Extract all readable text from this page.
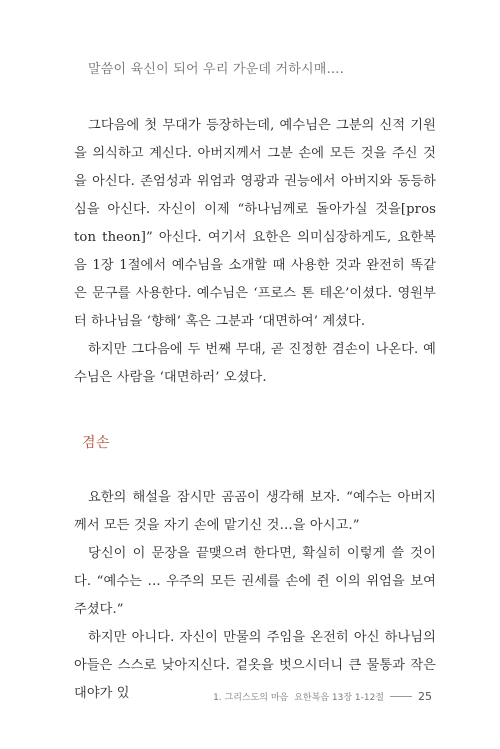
말씀이 육신이 되어 우리 가운데 거하시매….

그다음에 첫 무대가 등장하는데, 예수님은 그분의 신적 기원을 의식하고 계신다. 아버지께서 그분 손에 모든 것을 주신 것을 아신다. 존엄성과 위엄과 영광과 권능에서 아버지와 동등하심을 아신다. 자신이 이제 “하나님께로 돌아가실 것을[pros ton theon]” 아신다. 여기서 요한은 의미심장하게도, 요한복음 1장 1절에서 예수님을 소개할 때 사용한 것과 완전히 똑같은 문구를 사용한다. 예수님은 ‘프로스 톤 테온’이셨다. 영원부터 하나님을 ‘향해’ 혹은 그분과 ‘대면하여’ 계셨다.

하지만 그다음에 두 번째 무대, 곧 진정한 겸손이 나온다. 예수님은 사람을 ‘대면하러’ 오셨다.

겸손

요한의 해설을 잠시만 곰곰이 생각해 보자. “예수는 아버지께서 모든 것을 자기 손에 맡기신 것…을 아시고.”

당신이 이 문장을 끝맺으려 한다면, 확실히 이렇게 쓸 것이다. “예수는 … 우주의 모든 권세를 손에 쥔 이의 위엄을 보여 주셨다.”

하지만 아니다. 자신이 만물의 주임을 온전히 아신 하나님의 아들은 스스로 낮아지신다. 겉옷을 벗으시더니 큰 물통과 작은 대야가 있	1. 그리스도의 마음 요한복음 13장 1-12절	25
